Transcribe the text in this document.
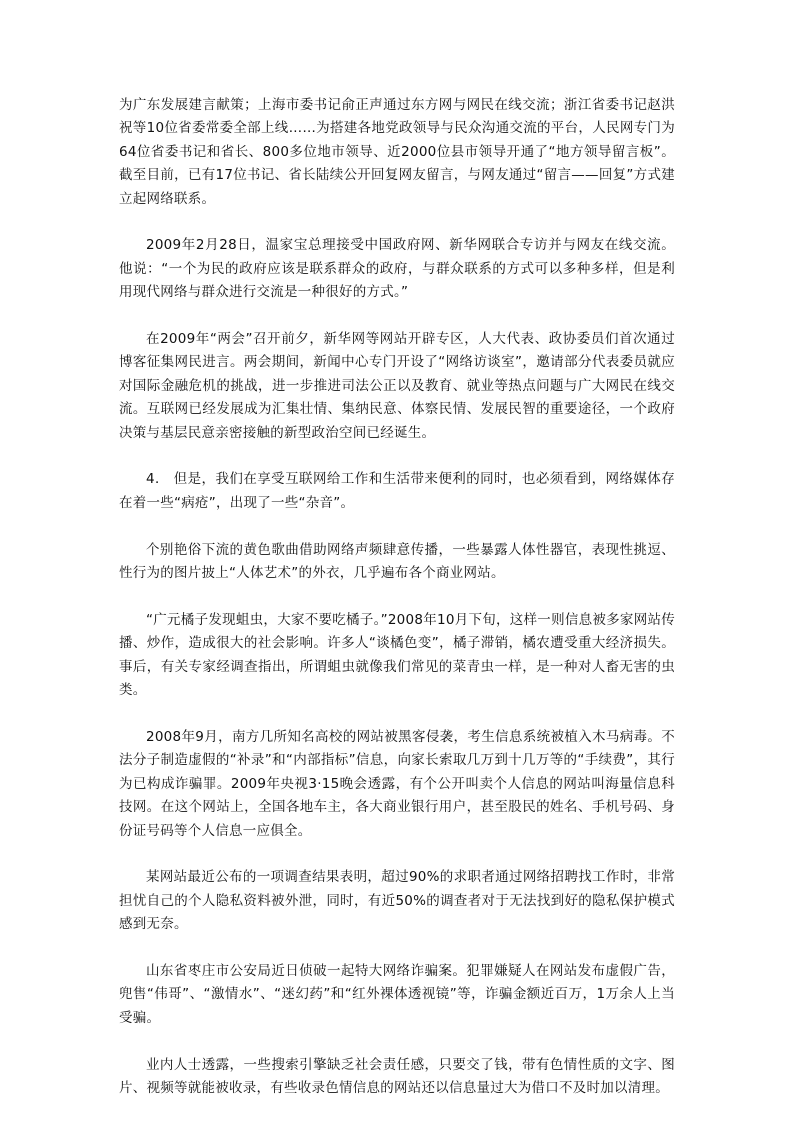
为广东发展建言献策；上海市委书记俞正声通过东方网与网民在线交流；浙江省委书记赵洪祝等10位省委常委全部上线……为搭建各地党政领导与民众沟通交流的平台，人民网专门为64位省委书记和省长、800多位地市领导、近2000位县市领导开通了“地方领导留言板”。截至目前，已有17位书记、省长陆续公开回复网友留言，与网友通过“留言——回复”方式建立起网络联系。

2009年2月28日，温家宝总理接受中国政府网、新华网联合专访并与网友在线交流。他说：“一个为民的政府应该是联系群众的政府，与群众联系的方式可以多种多样，但是利用现代网络与群众进行交流是一种很好的方式。”

在2009年“两会”召开前夕，新华网等网站开辟专区，人大代表、政协委员们首次通过博客征集网民进言。两会期间，新闻中心专门开设了“网络访谈室”，邀请部分代表委员就应对国际金融危机的挑战，进一步推进司法公正以及教育、就业等热点问题与广大网民在线交流。互联网已经发展成为汇集壮情、集纳民意、体察民情、发展民智的重要途径，一个政府决策与基层民意亲密接触的新型政治空间已经诞生。

4． 但是，我们在享受互联网给工作和生活带来便利的同时，也必须看到，网络媒体存在着一些“病疮”，出现了一些“杂音”。

个别艳俗下流的黄色歌曲借助网络声频肆意传播，一些暴露人体性器官，表现性挑逗、性行为的图片披上“人体艺术”的外衣，几乎遍布各个商业网站。

“广元橘子发现蛆虫，大家不要吃橘子。”2008年10月下旬，这样一则信息被多家网站传播、炒作，造成很大的社会影响。许多人“谈橘色变”，橘子滞销，橘农遭受重大经济损失。事后，有关专家经调查指出，所谓蛆虫就像我们常见的菜青虫一样，是一种对人畜无害的虫类。

2008年9月，南方几所知名高校的网站被黑客侵袭，考生信息系统被植入木马病毒。不法分子制造虚假的“补录”和“内部指标”信息，向家长索取几万到十几万等的“手续费”，其行为已构成诈骗罪。2009年央视3·15晚会透露，有个公开叫卖个人信息的网站叫海量信息科技网。在这个网站上，全国各地车主，各大商业银行用户，甚至股民的姓名、手机号码、身份证号码等个人信息一应俱全。

某网站最近公布的一项调查结果表明，超过90%的求职者通过网络招聘找工作时，非常担忧自己的个人隐私资料被外泄，同时，有近50%的调查者对于无法找到好的隐私保护模式感到无奈。

山东省枣庄市公安局近日侦破一起特大网络诈骗案。犯罪嫌疑人在网站发布虚假广告，兜售“伟哥”、“激情水”、“迷幻药”和“红外裸体透视镜”等，诈骗金额近百万，1万余人上当受骗。

业内人士透露，一些搜索引擎缺乏社会责任感，只要交了钱，带有色情性质的文字、图片、视频等就能被收录，有些收录色情信息的网站还以信息量过大为借口不及时加以清理。
